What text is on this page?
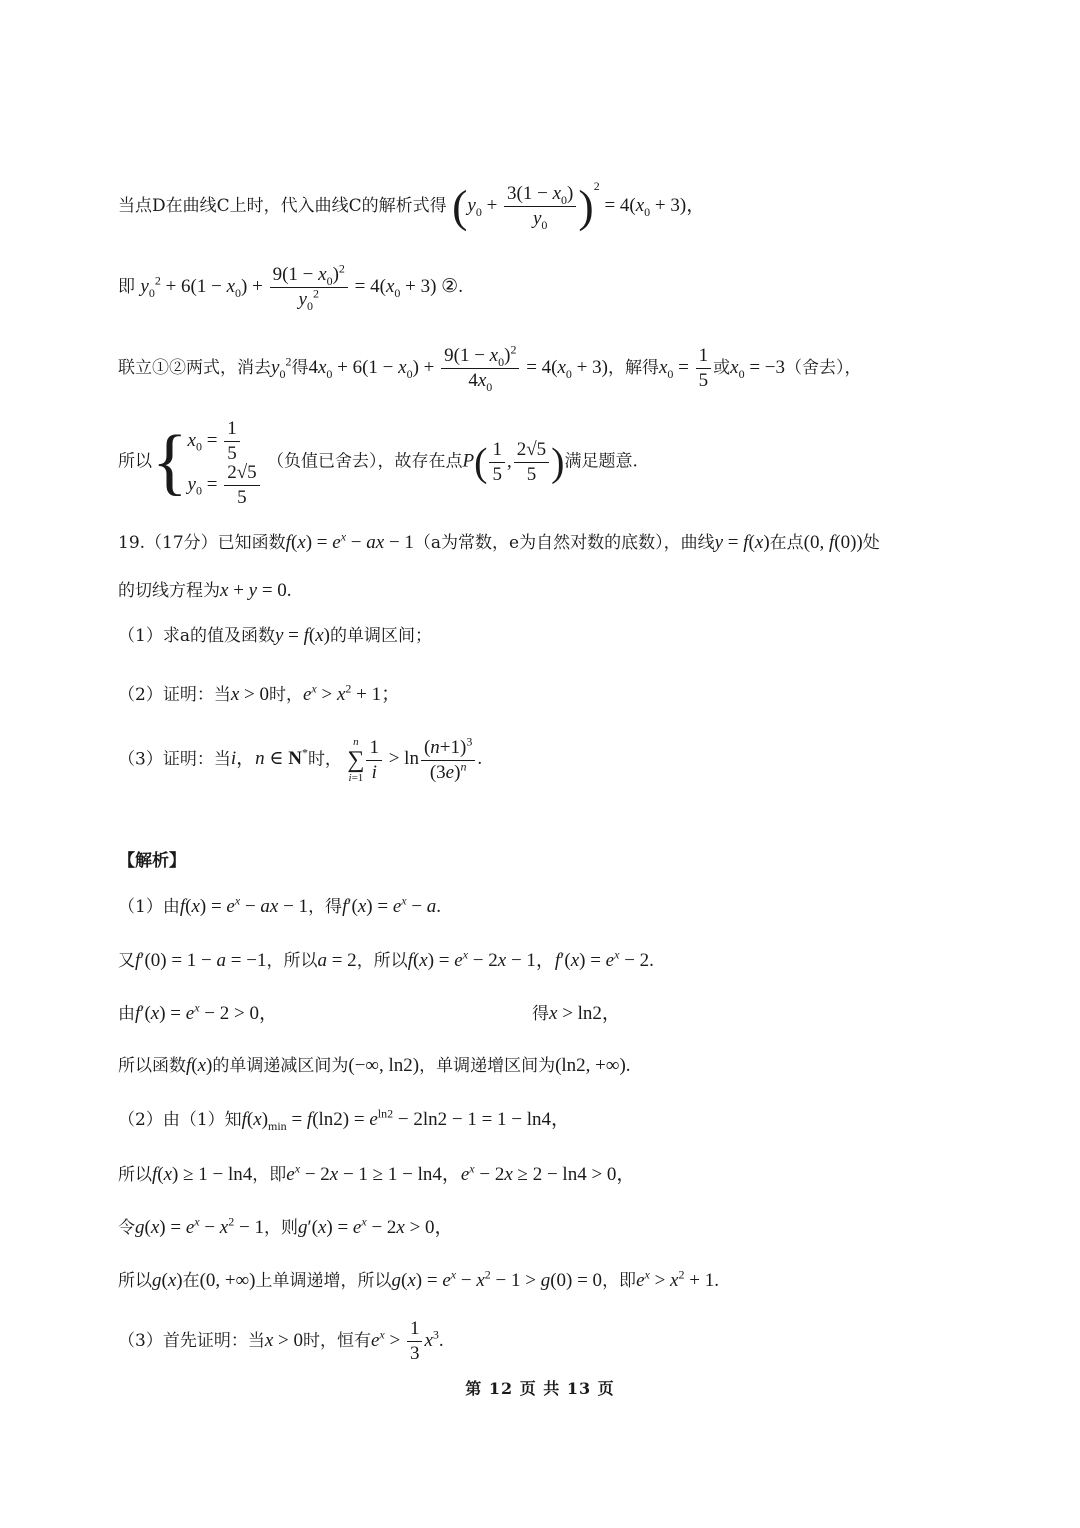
当点D在曲线C上时，代入曲线C的解析式得 $(y_0 + \frac{3(1 - x_0)}{y_0} )^2 = 4(x_0 + 3)$，
即 $y_0^2 + 6(1 - x_0) + \frac{9(1 - x_0)^2}{y_0^2} = 4(x_0 + 3)$ ②.
联立①②两式，消去$y_0^2$得$4x_0 + 6(1 - x_0) + \frac{9(1 - x_0)^2}{4x_0} = 4(x_0 + 3)$，解得$x_0 = \frac{1}{5}$ 或$x_0 = -3$（舍去），
所以{ $x_0 = \frac{1}{5}$
$y_0 = \frac{2√5}{5}$
（负值已舍去），故存在点$P( \frac{1}{5}$ , $\frac{2√5}{5}$ )满足题意.
19.（17分）已知函数$f(x) = e^x$ − ax − 1（a为常数，e为自然对数的底数），曲线y = f(x)在点(0, f(0))处
的切线方程为x + y = 0.
（1）求a的值及函数y = f(x)的单调区间；
（2）证明：当x > 0时，$e^x > x^2 + 1$；
（3）证明：当i，n ∈ N*时， n
∑
$i=1 \frac{1}{i} > \ln \frac{(n+1)^3}{(3e)^n}$ .
【解析】
（1）由$f(x) = e^x$ − ax − 1，得$f'(x) = e^x - a$.
又f′(0) = 1 − a = −1，所以a = 2，所以$f(x) = e^x - 2x - 1$，$f'(x) = e^x - 2$.
由$f'(x) = e^x - 2 > 0$，	得x > ln2，
所以函数f(x)的单调递减区间为(−∞, ln2)，单调递增区间为(ln2, +∞).
（2）由（1）知$f(x)_{min} = f(\ln 2) = e^{ln2} - 2\ln 2 - 1 = 1 - \ln 4$，
所以f(x) ≥ 1 − ln4，即$e^x - 2x - 1 \ge 1 - \ln 4$，$e^x - 2x \ge 2 - \ln 4 > 0$，
令$g(x) = e^x - x^2 - 1$，则$g'(x) = e^x - 2x > 0$，
所以g(x)在(0, +∞)上单调递增，所以$g(x) = e^x - x^2 - 1 > g(0) = 0$，即$e^x > x^2 + 1$.
（3）首先证明：当x > 0时，恒有$e^x > \frac{1}{3} x^3$.
第 12 页 共 13 页
